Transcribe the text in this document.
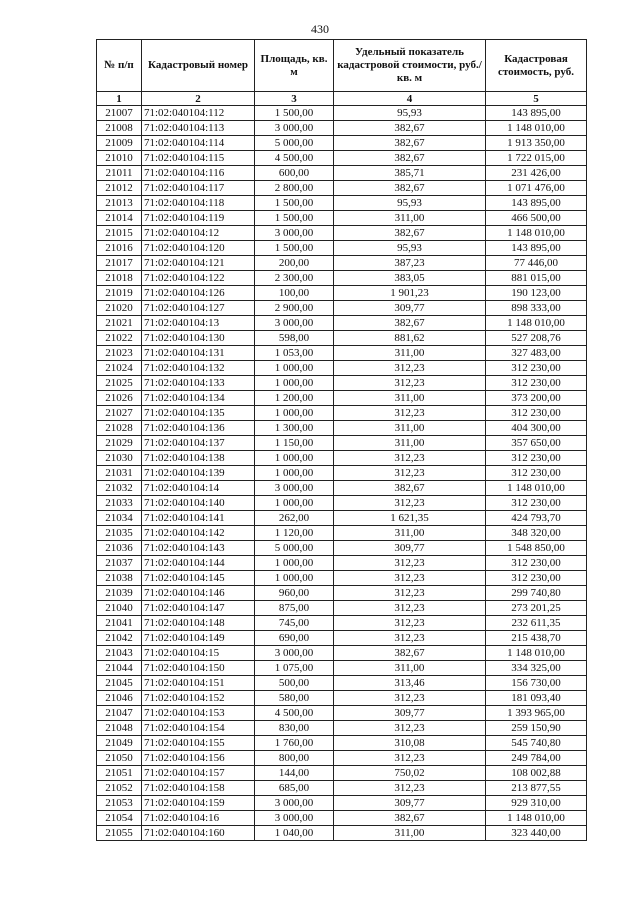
430
№ п/п	Кадастровый номер	Площадь, кв. м	Удельный показатель кадастровой стоимости, руб./кв. м	Кадастровая стоимость, руб.
1	2	3	4	5
21007	71:02:040104:112	1 500,00	95,93	143 895,00
21008	71:02:040104:113	3 000,00	382,67	1 148 010,00
21009	71:02:040104:114	5 000,00	382,67	1 913 350,00
21010	71:02:040104:115	4 500,00	382,67	1 722 015,00
21011	71:02:040104:116	600,00	385,71	231 426,00
21012	71:02:040104:117	2 800,00	382,67	1 071 476,00
21013	71:02:040104:118	1 500,00	95,93	143 895,00
21014	71:02:040104:119	1 500,00	311,00	466 500,00
21015	71:02:040104:12	3 000,00	382,67	1 148 010,00
21016	71:02:040104:120	1 500,00	95,93	143 895,00
21017	71:02:040104:121	200,00	387,23	77 446,00
21018	71:02:040104:122	2 300,00	383,05	881 015,00
21019	71:02:040104:126	100,00	1 901,23	190 123,00
21020	71:02:040104:127	2 900,00	309,77	898 333,00
21021	71:02:040104:13	3 000,00	382,67	1 148 010,00
21022	71:02:040104:130	598,00	881,62	527 208,76
21023	71:02:040104:131	1 053,00	311,00	327 483,00
21024	71:02:040104:132	1 000,00	312,23	312 230,00
21025	71:02:040104:133	1 000,00	312,23	312 230,00
21026	71:02:040104:134	1 200,00	311,00	373 200,00
21027	71:02:040104:135	1 000,00	312,23	312 230,00
21028	71:02:040104:136	1 300,00	311,00	404 300,00
21029	71:02:040104:137	1 150,00	311,00	357 650,00
21030	71:02:040104:138	1 000,00	312,23	312 230,00
21031	71:02:040104:139	1 000,00	312,23	312 230,00
21032	71:02:040104:14	3 000,00	382,67	1 148 010,00
21033	71:02:040104:140	1 000,00	312,23	312 230,00
21034	71:02:040104:141	262,00	1 621,35	424 793,70
21035	71:02:040104:142	1 120,00	311,00	348 320,00
21036	71:02:040104:143	5 000,00	309,77	1 548 850,00
21037	71:02:040104:144	1 000,00	312,23	312 230,00
21038	71:02:040104:145	1 000,00	312,23	312 230,00
21039	71:02:040104:146	960,00	312,23	299 740,80
21040	71:02:040104:147	875,00	312,23	273 201,25
21041	71:02:040104:148	745,00	312,23	232 611,35
21042	71:02:040104:149	690,00	312,23	215 438,70
21043	71:02:040104:15	3 000,00	382,67	1 148 010,00
21044	71:02:040104:150	1 075,00	311,00	334 325,00
21045	71:02:040104:151	500,00	313,46	156 730,00
21046	71:02:040104:152	580,00	312,23	181 093,40
21047	71:02:040104:153	4 500,00	309,77	1 393 965,00
21048	71:02:040104:154	830,00	312,23	259 150,90
21049	71:02:040104:155	1 760,00	310,08	545 740,80
21050	71:02:040104:156	800,00	312,23	249 784,00
21051	71:02:040104:157	144,00	750,02	108 002,88
21052	71:02:040104:158	685,00	312,23	213 877,55
21053	71:02:040104:159	3 000,00	309,77	929 310,00
21054	71:02:040104:16	3 000,00	382,67	1 148 010,00
21055	71:02:040104:160	1 040,00	311,00	323 440,00
